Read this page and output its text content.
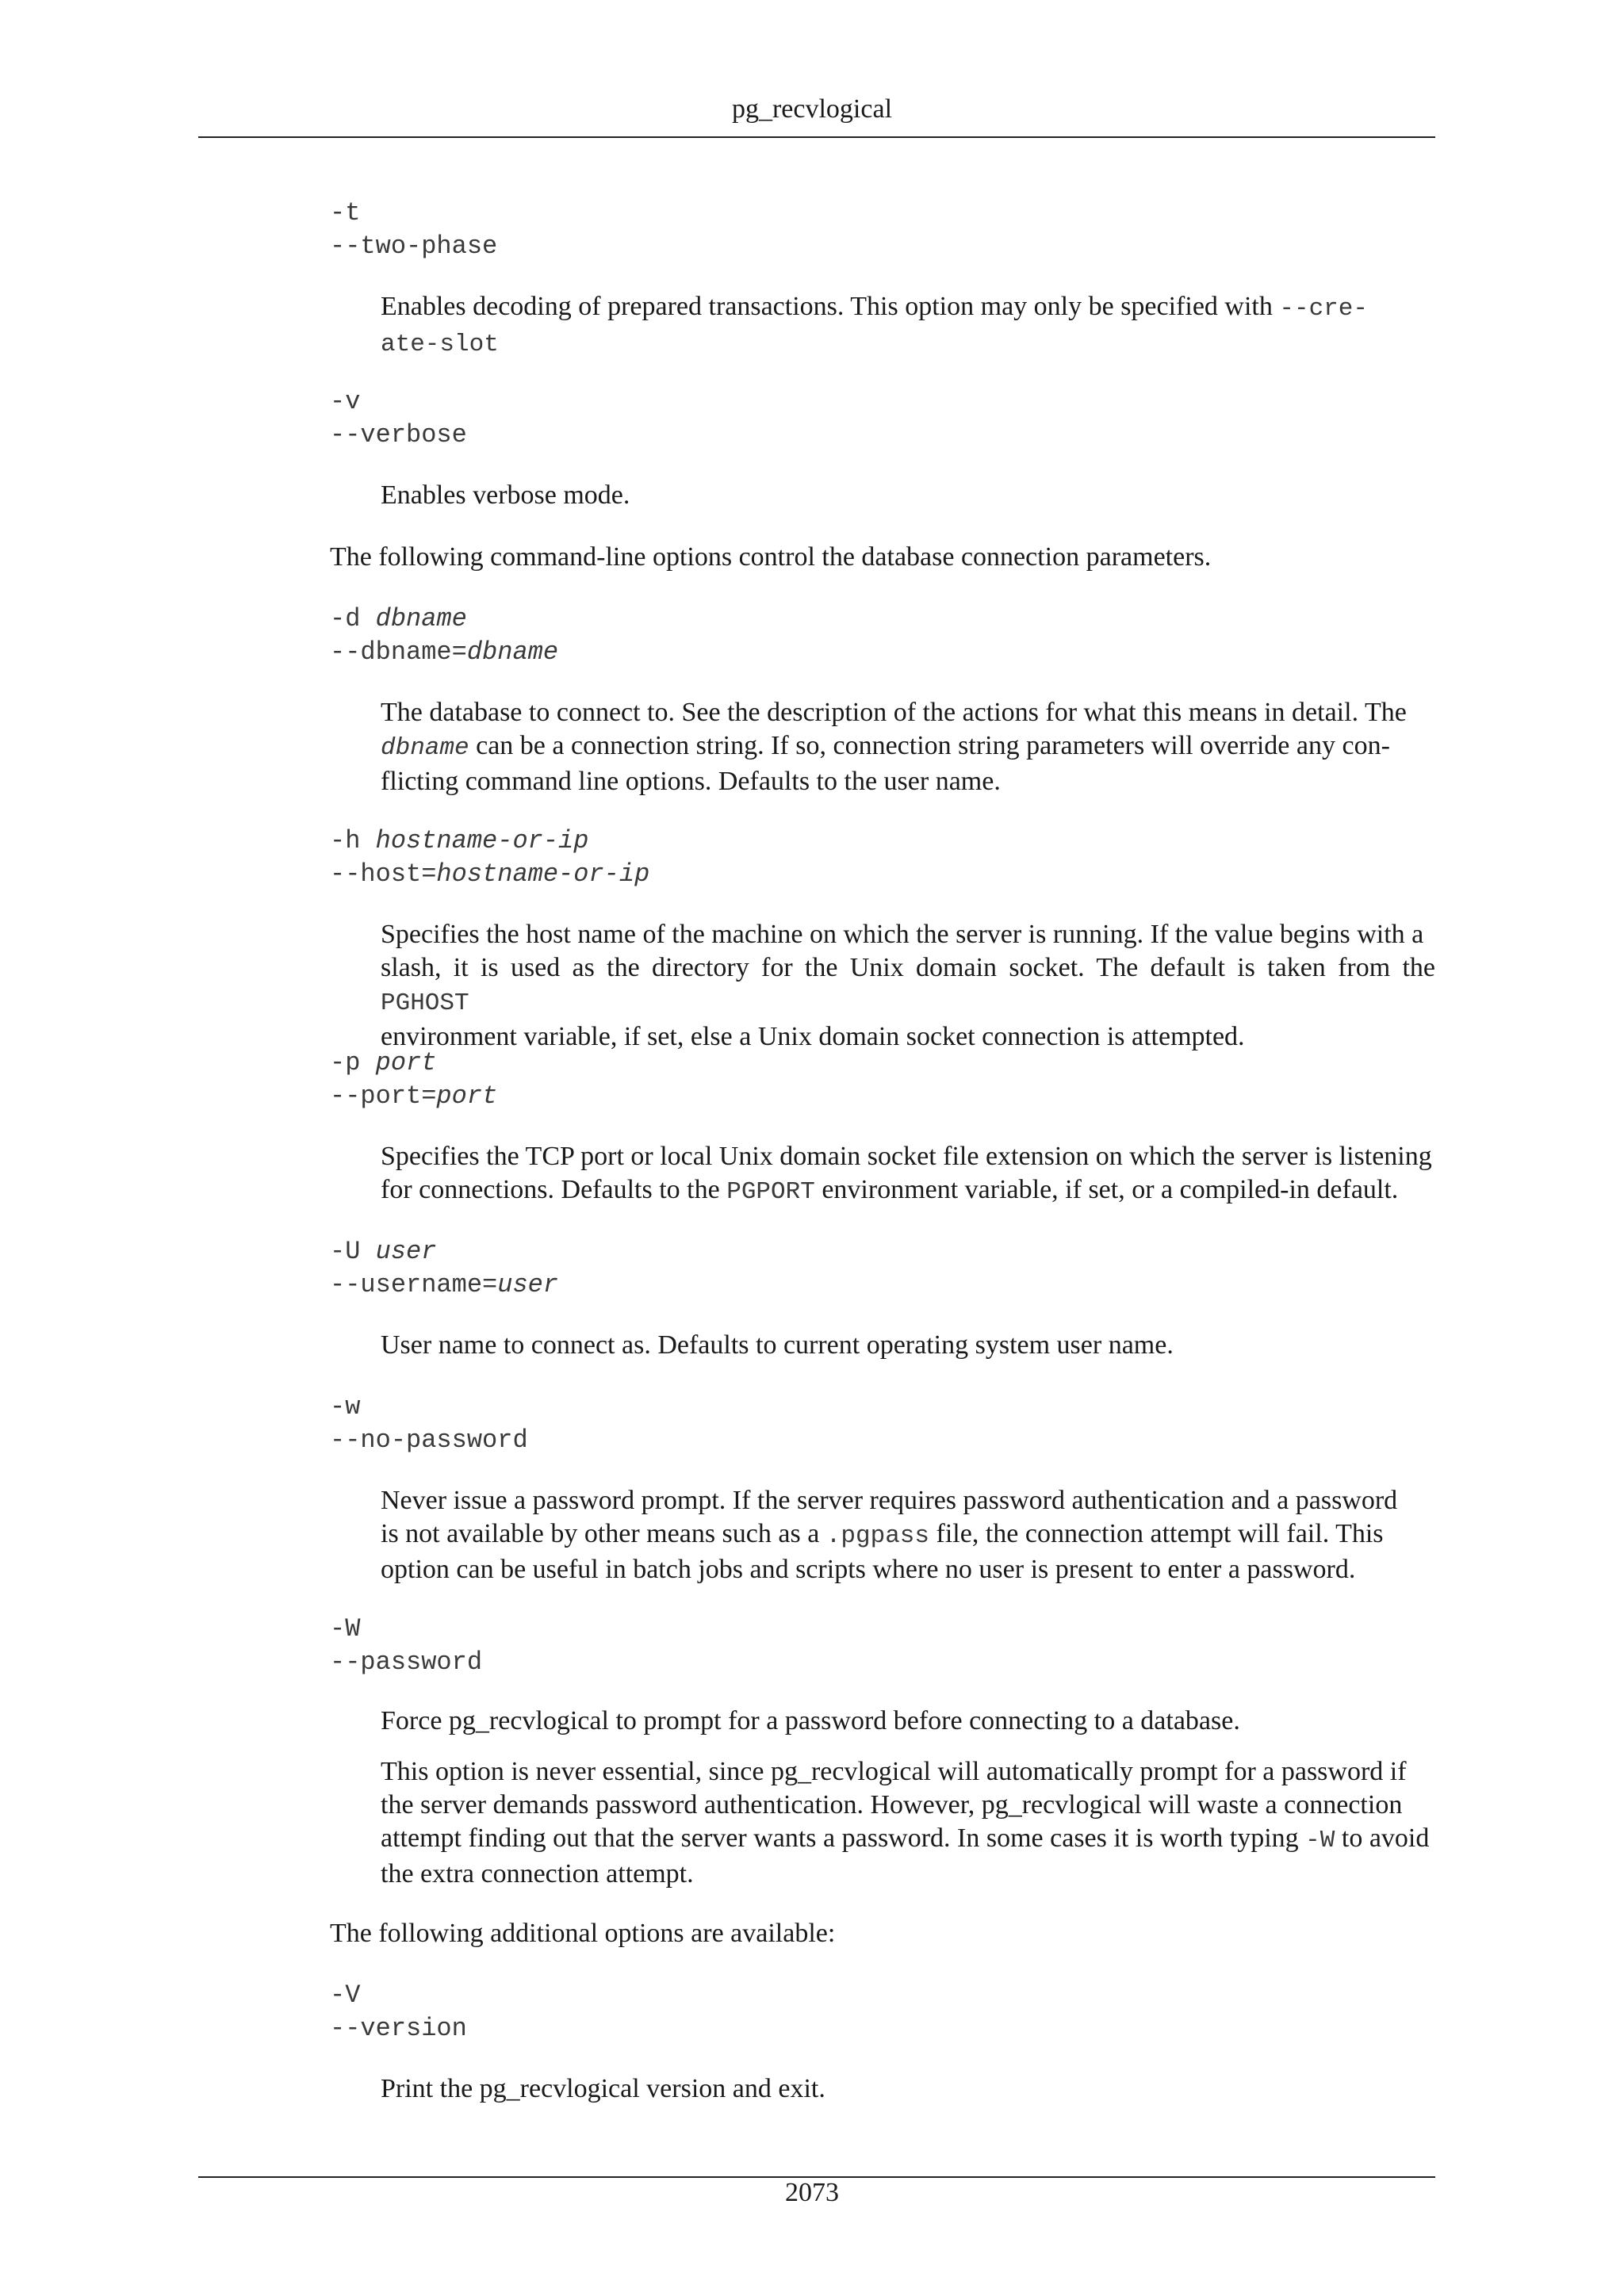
pg_recvlogical
-t
--two-phase
Enables decoding of prepared transactions. This option may only be specified with --cre-
ate-slot
-v
--verbose
Enables verbose mode.
The following command-line options control the database connection parameters.
-d dbname
--dbname=dbname
The database to connect to. See the description of the actions for what this means in detail. The
dbname can be a connection string. If so, connection string parameters will override any con-
flicting command line options. Defaults to the user name.
-h hostname-or-ip
--host=hostname-or-ip
Specifies the host name of the machine on which the server is running. If the value begins with a
slash, it is used as the directory for the Unix domain socket. The default is taken from the PGHOST
environment variable, if set, else a Unix domain socket connection is attempted.
-p port
--port=port
Specifies the TCP port or local Unix domain socket file extension on which the server is listening
for connections. Defaults to the PGPORT environment variable, if set, or a compiled-in default.
-U user
--username=user
User name to connect as. Defaults to current operating system user name.
-w
--no-password
Never issue a password prompt. If the server requires password authentication and a password
is not available by other means such as a .pgpass file, the connection attempt will fail. This
option can be useful in batch jobs and scripts where no user is present to enter a password.
-W
--password
Force pg_recvlogical to prompt for a password before connecting to a database.
This option is never essential, since pg_recvlogical will automatically prompt for a password if
the server demands password authentication. However, pg_recvlogical will waste a connection
attempt finding out that the server wants a password. In some cases it is worth typing -W to avoid
the extra connection attempt.
The following additional options are available:
-V
--version
Print the pg_recvlogical version and exit.
2073
